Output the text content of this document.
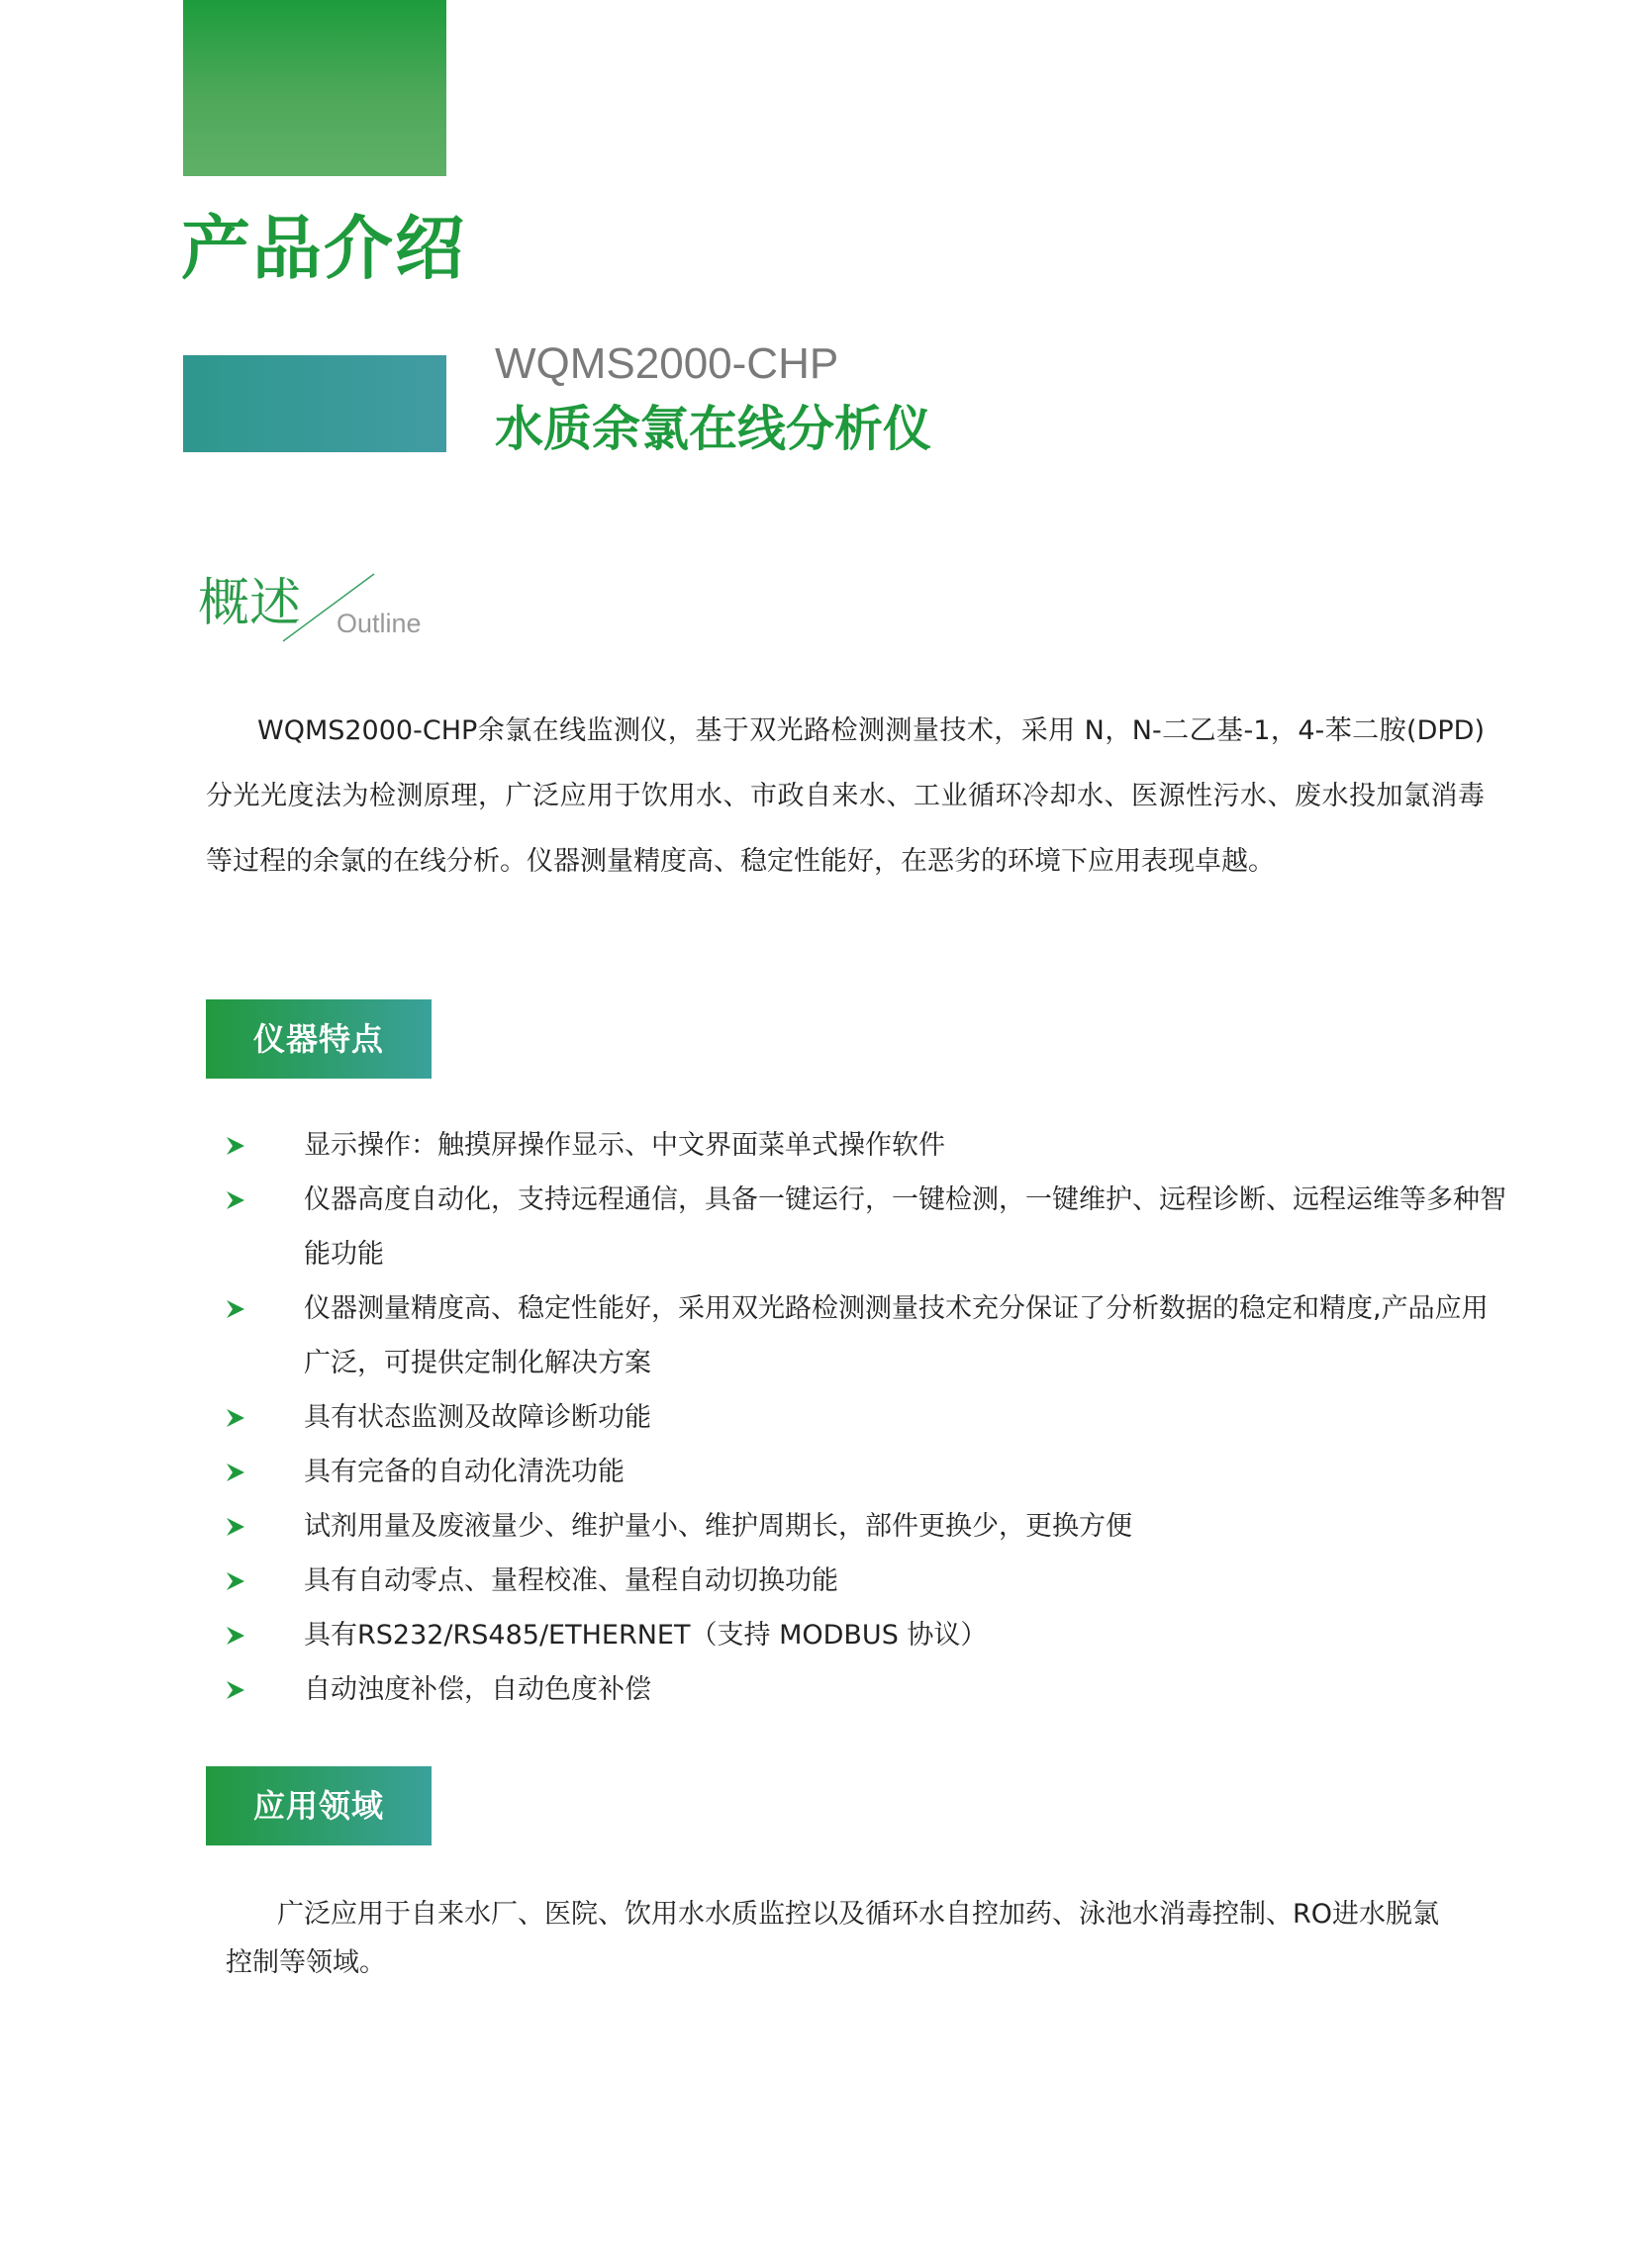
产品介绍
WQMS2000-CHP
水质余氯在线分析仪
概述 Outline

WQMS2000-CHP余氯在线监测仪，基于双光路检测测量技术，采用 N，N-二乙基-1，4-苯二胺(DPD)分光光度法为检测原理，广泛应用于饮用水、市政自来水、工业循环冷却水、医源性污水、废水投加氯消毒等过程的余氯的在线分析。仪器测量精度高、稳定性能好，在恶劣的环境下应用表现卓越。

仪器特点
显示操作：触摸屏操作显示、中文界面菜单式操作软件
仪器高度自动化，支持远程通信，具备一键运行，一键检测，一键维护、远程诊断、远程运维等多种智能功能
仪器测量精度高、稳定性能好，采用双光路检测测量技术充分保证了分析数据的稳定和精度,产品应用广泛，可提供定制化解决方案
具有状态监测及故障诊断功能
具有完备的自动化清洗功能
试剂用量及废液量少、维护量小、维护周期长，部件更换少，更换方便
具有自动零点、量程校准、量程自动切换功能
具有RS232/RS485/ETHERNET（支持 MODBUS 协议）
自动浊度补偿，自动色度补偿
应用领域

广泛应用于自来水厂、医院、饮用水水质监控以及循环水自控加药、泳池水消毒控制、RO进水脱氯控制等领域。
